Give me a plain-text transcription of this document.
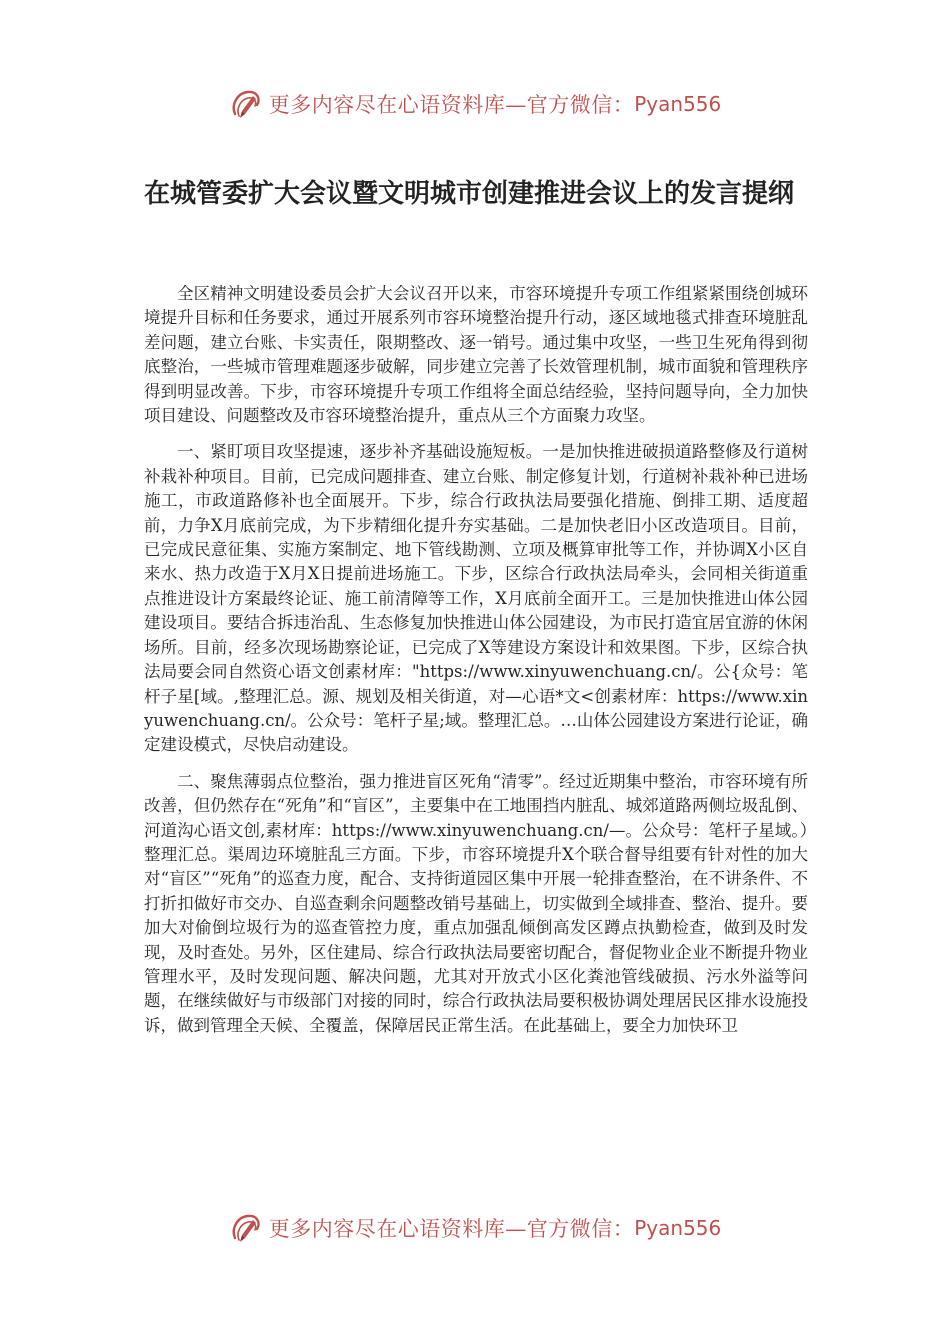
更多内容尽在心语资料库—官方微信： Pyan556
在城管委扩大会议暨文明城市创建推进会议上的发言提纲

全区精神文明建设委员会扩大会议召开以来，市容环境提升专项工作组紧紧围绕创城环境提升目标和任务要求，通过开展系列市容环境整治提升行动，逐区域地毯式排查环境脏乱差问题，建立台账、卡实责任，限期整改、逐一销号。通过集中攻坚，一些卫生死角得到彻底整治，一些城市管理难题逐步破解，同步建立完善了长效管理机制，城市面貌和管理秩序得到明显改善。下步，市容环境提升专项工作组将全面总结经验，坚持问题导向，全力加快项目建设、问题整改及市容环境整治提升，重点从三个方面聚力攻坚。

一、紧盯项目攻坚提速，逐步补齐基础设施短板。一是加快推进破损道路整修及行道树补栽补种项目。目前，已完成问题排查、建立台账、制定修复计划，行道树补栽补种已进场施工，市政道路修补也全面展开。下步，综合行政执法局要强化措施、倒排工期、适度超前，力争X月底前完成，为下步精细化提升夯实基础。二是加快老旧小区改造项目。目前，已完成民意征集、实施方案制定、地下管线勘测、立项及概算审批等工作，并协调X小区自来水、热力改造于X月X日提前进场施工。下步，区综合行政执法局牵头，会同相关街道重点推进设计方案最终论证、施工前清障等工作，X月底前全面开工。三是加快推进山体公园建设项目。要结合拆违治乱、生态修复加快推进山体公园建设，为市民打造宜居宜游的休闲场所。目前，经多次现场勘察论证，已完成了X等建设方案设计和效果图。下步，区综合执法局要会同自然资心语文创素材库："https://www.xinyuwenchuang.cn/。公{众号：笔杆子星[域。,整理汇总。源、规划及相关街道，对—心语*文<创素材库：https://www.xinyuwenchuang.cn/。公众号：笔杆子星;域。整理汇总。…山体公园建设方案进行论证，确定建设模式，尽快启动建设。

二、聚焦薄弱点位整治，强力推进盲区死角“清零”。经过近期集中整治，市容环境有所改善，但仍然存在“死角”和“盲区”，主要集中在工地围挡内脏乱、城郊道路两侧垃圾乱倒、河道沟心语文创,素材库：https://www.xinyuwenchuang.cn/—。公众号：笔杆子星域。）整理汇总。渠周边环境脏乱三方面。下步，市容环境提升X个联合督导组要有针对性的加大对“盲区”“死角”的巡查力度，配合、支持街道园区集中开展一轮排查整治，在不讲条件、不打折扣做好市交办、自巡查剩余问题整改销号基础上，切实做到全域排查、整治、提升。要加大对偷倒垃圾行为的巡查管控力度，重点加强乱倾倒高发区蹲点执勤检查，做到及时发现，及时查处。另外，区住建局、综合行政执法局要密切配合，督促物业企业不断提升物业管理水平，及时发现问题、解决问题，尤其对开放式小区化粪池管线破损、污水外溢等问题，在继续做好与市级部门对接的同时，综合行政执法局要积极协调处理居民区排水设施投诉，做到管理全天候、全覆盖，保障居民正常生活。在此基础上，要全力加快环卫

更多内容尽在心语资料库—官方微信： Pyan556
